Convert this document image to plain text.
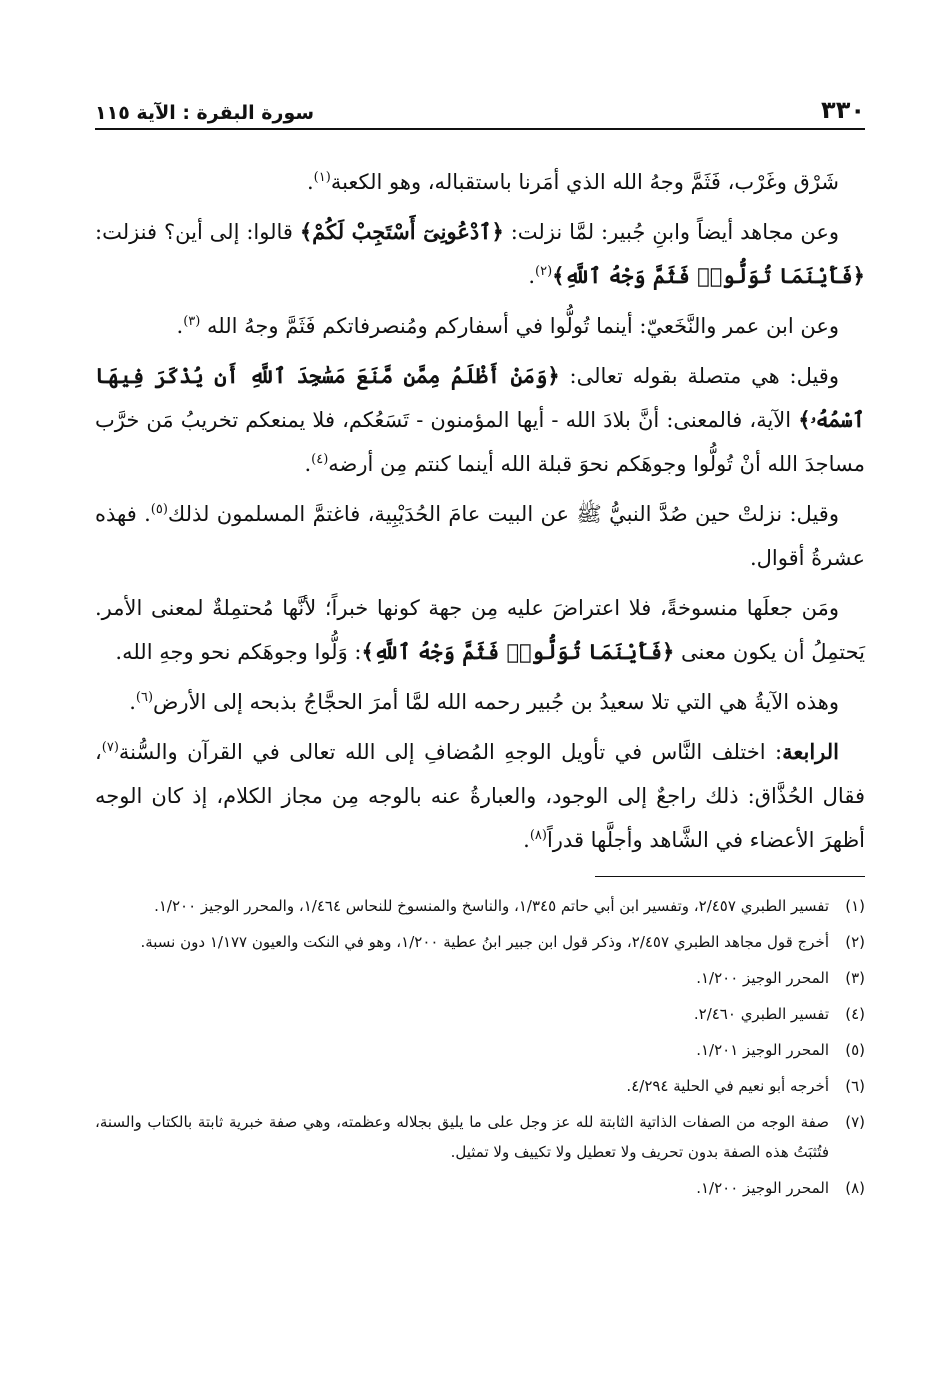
٣٣٠
سورة البقرة : الآية ١١٥

شَرْق وغَرْب، فَثَمَّ وجهُ الله الذي أمَرنا باستقباله، وهو الكعبة$^{(١)}$.

وعن مجاهد أيضاً وابنِ جُبير: لمَّا نزلت: ﴿ٱدْعُونِىٓ أَسْتَجِبْ لَكُمْ﴾ قالوا: إلى أين؟ فنزلت: ﴿فَأَيْنَمَا تُوَلُّوا۟ فَثَمَّ وَجْهُ ٱللَّهِ﴾$^{(٢)}$.

وعن ابن عمر والنَّخَعيّ: أينما تُولُّوا في أسفاركم ومُنصرفاتكم فَثَمَّ وجهُ الله $^{(٣)}$.

وقيل: هي متصلة بقوله تعالى: ﴿وَمَنْ أَظْلَمُ مِمَّن مَّنَعَ مَسَٰجِدَ ٱللَّهِ أَن يُذْكَرَ فِيهَا ٱسْمُهُۥ﴾ الآية، فالمعنى: أنَّ بلادَ الله - أيها المؤمنون - تَسَعُكم، فلا يمنعكم تخريبُ مَن خرَّب مساجدَ الله أنْ تُولُّوا وجوهَكم نحوَ قبلة الله أينما كنتم مِن أرضه$^{(٤)}$.

وقيل: نزلتْ حين صُدَّ النبيُّ ﷺ عن البيت عامَ الحُدَيْبِية، فاغتمَّ المسلمون لذلك$^{(٥)}$. فهذه عشرةُ أقوال.

ومَن جعلَها منسوخةً، فلا اعتراضَ عليه مِن جهة كونها خبراً؛ لأنَّها مُحتمِلةٌ لمعنى الأمر. يَحتمِلُ أن يكون معنى ﴿فَأَيْنَمَا تُوَلُّوا۟ فَثَمَّ وَجْهُ ٱللَّهِ﴾: وَلُّوا وجوهَكم نحو وجهِ الله.

وهذه الآيةُ هي التي تلا سعيدُ بن جُبير رحمه الله لمَّا أمرَ الحجَّاجُ بذبحه إلى الأرض$^{(٦)}$.

الرابعة: اختلف النَّاس في تأويل الوجهِ المُضافِ إلى الله تعالى في القرآن والسُّنة$^{(٧)}$، فقال الحُذَّاق: ذلك راجعٌ إلى الوجود، والعبارةُ عنه بالوجه مِن مجاز الكلام، إذ كان الوجه أظهرَ الأعضاء في الشَّاهد وأجلَّها قدراً$^{(٨)}$.

(١)
تفسير الطبري ٢/٤٥٧، وتفسير ابن أبي حاتم ١/٣٤٥، والناسخ والمنسوخ للنحاس ١/٤٦٤، والمحرر الوجيز ١/٢٠٠.
(٢)
أخرج قول مجاهد الطبري ٢/٤٥٧، وذكر قول ابن جبير ابنُ عطية ١/٢٠٠، وهو في النكت والعيون ١/١٧٧ دون نسبة.
(٣)
المحرر الوجيز ١/٢٠٠.
(٤)
تفسير الطبري ٢/٤٦٠.
(٥)
المحرر الوجيز ١/٢٠١.
(٦)
أخرجه أبو نعيم في الحلية ٤/٢٩٤.
(٧)
صفة الوجه من الصفات الذاتية الثابتة لله عز وجل على ما يليق بجلاله وعظمته، وهي صفة خبرية ثابتة بالكتاب والسنة، فتُثبَتُ هذه الصفة بدون تحريف ولا تعطيل ولا تكييف ولا تمثيل.
(٨)
المحرر الوجيز ١/٢٠٠.
